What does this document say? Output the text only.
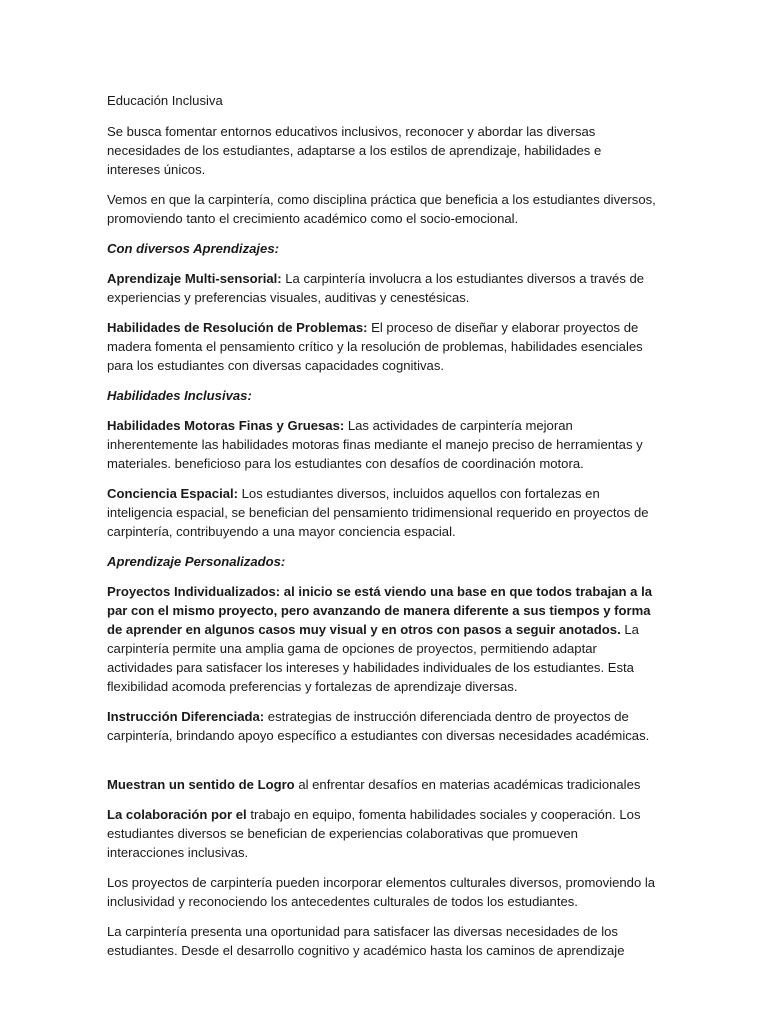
Educación Inclusiva

Se busca fomentar entornos educativos inclusivos, reconocer y abordar las diversas necesidades de los estudiantes, adaptarse a los estilos de aprendizaje, habilidades e intereses únicos.

Vemos en que la carpintería, como disciplina práctica que beneficia a los estudiantes diversos, promoviendo tanto el crecimiento académico como el socio-emocional.

Con diversos Aprendizajes:

Aprendizaje Multi-sensorial: La carpintería involucra a los estudiantes diversos a través de experiencias y preferencias visuales, auditivas y cenestésicas.

Habilidades de Resolución de Problemas: El proceso de diseñar y elaborar proyectos de madera fomenta el pensamiento crítico y la resolución de problemas, habilidades esenciales para los estudiantes con diversas capacidades cognitivas.

Habilidades Inclusivas:

Habilidades Motoras Finas y Gruesas: Las actividades de carpintería mejoran inherentemente las habilidades motoras finas mediante el manejo preciso de herramientas y materiales. beneficioso para los estudiantes con desafíos de coordinación motora.

Conciencia Espacial: Los estudiantes diversos, incluidos aquellos con fortalezas en inteligencia espacial, se benefician del pensamiento tridimensional requerido en proyectos de carpintería, contribuyendo a una mayor conciencia espacial.

Aprendizaje Personalizados:

Proyectos Individualizados: al inicio se está viendo una base en que todos trabajan a la par con el mismo proyecto, pero avanzando de manera diferente a sus tiempos y forma de aprender en algunos casos muy visual y en otros con pasos a seguir anotados. La carpintería permite una amplia gama de opciones de proyectos, permitiendo adaptar actividades para satisfacer los intereses y habilidades individuales de los estudiantes. Esta flexibilidad acomoda preferencias y fortalezas de aprendizaje diversas.

Instrucción Diferenciada: estrategias de instrucción diferenciada dentro de proyectos de carpintería, brindando apoyo específico a estudiantes con diversas necesidades académicas.

Muestran un sentido de Logro al enfrentar desafíos en materias académicas tradicionales

La colaboración por el trabajo en equipo, fomenta habilidades sociales y cooperación. Los estudiantes diversos se benefician de experiencias colaborativas que promueven interacciones inclusivas.

Los proyectos de carpintería pueden incorporar elementos culturales diversos, promoviendo la inclusividad y reconociendo los antecedentes culturales de todos los estudiantes.

La carpintería presenta una oportunidad para satisfacer las diversas necesidades de los estudiantes. Desde el desarrollo cognitivo y académico hasta los caminos de aprendizaje
